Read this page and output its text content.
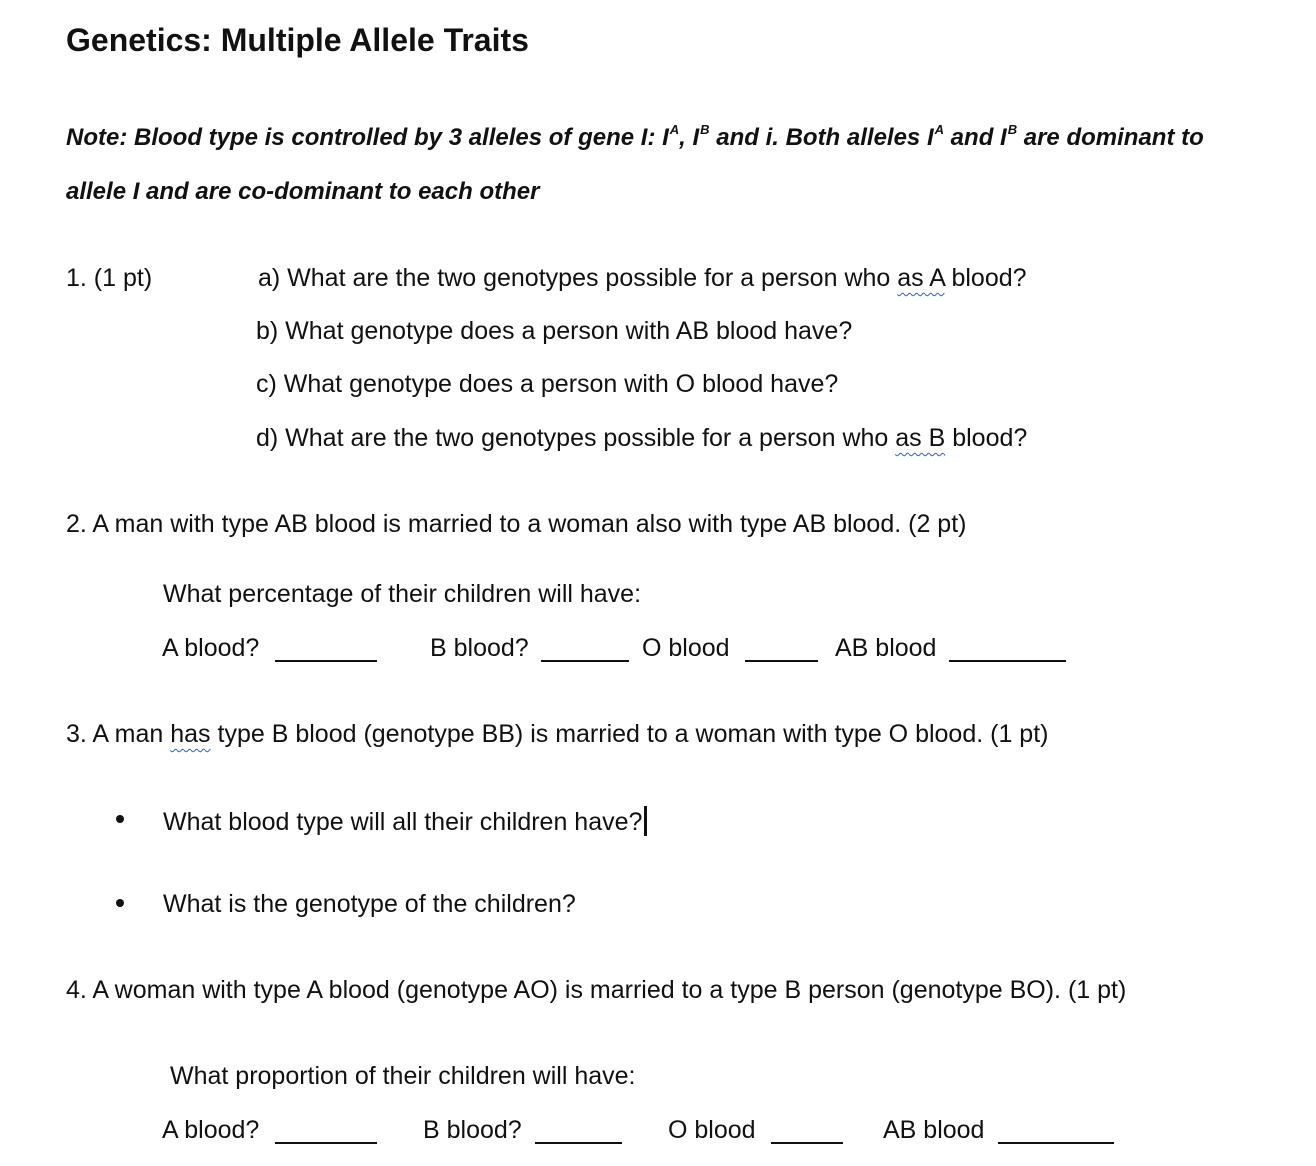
Genetics: Multiple Allele Traits
Note: Blood type is controlled by 3 alleles of gene I: $I^A$, $I^B$ and i. Both alleles $I^A$ and $I^B$ are dominant to
allele I and are co-dominant to each other
1. (1 pt)	a) What are the two genotypes possible for a person who as A blood?
b) What genotype does a person with AB blood have?
c) What genotype does a person with O blood have?
d) What are the two genotypes possible for a person who as B blood?
2. A man with type AB blood is married to a woman also with type AB blood. (2 pt)
What percentage of their children will have:
A blood?	B blood?	O blood	AB blood
3. A man has type B blood (genotype BB) is married to a woman with type O blood. (1 pt)
What blood type will all their children have?
What is the genotype of the children?
4. A woman with type A blood (genotype AO) is married to a type B person (genotype BO). (1 pt)
What proportion of their children will have:
A blood?	B blood?	O blood	AB blood
